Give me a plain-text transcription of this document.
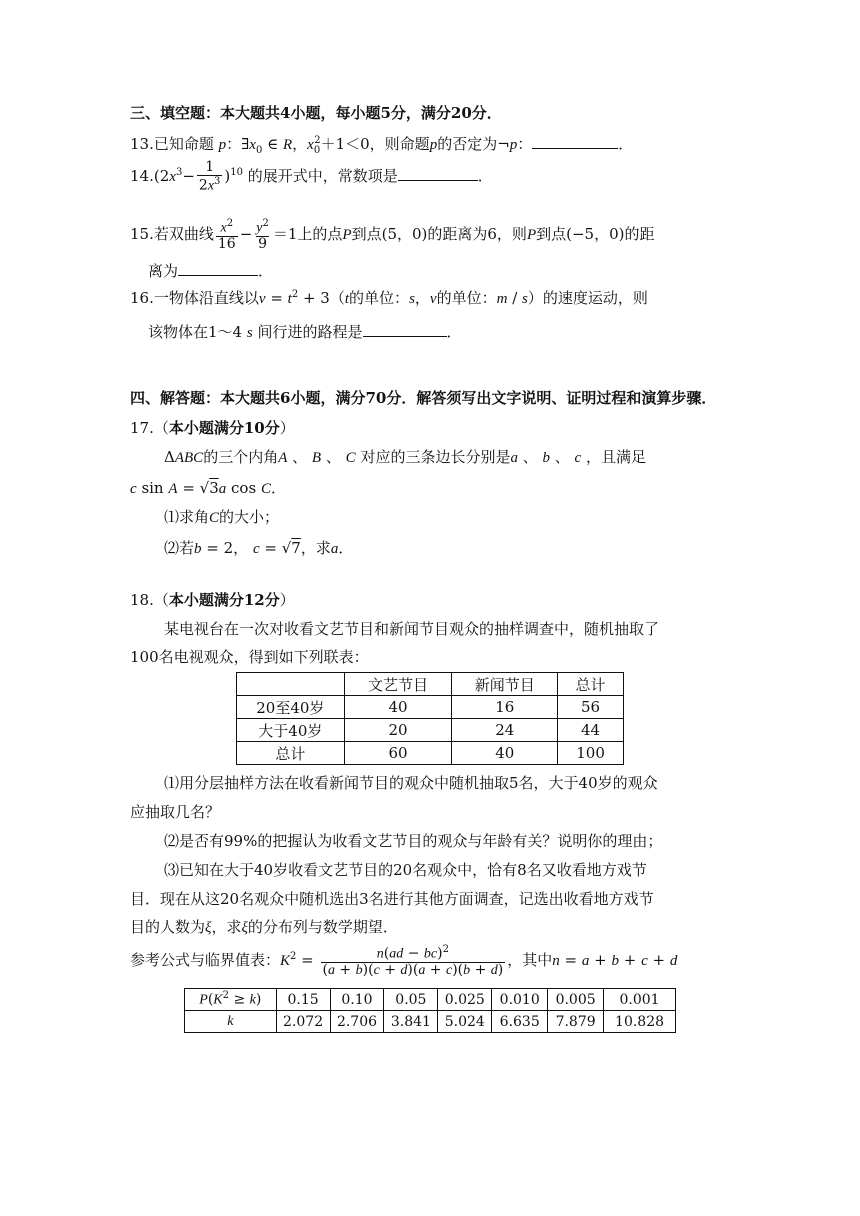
三、填空题：本大题共4小题，每小题5分，满分20分．
13.已知命题 p：$\exists x_0$ ∈ R，$x_0^2+1<0$，则命题p的否定为¬p：	．
$14.(2x^3- \frac{1}{2x^3} )^{10}$ 的展开式中，常数项是	．
15.若双曲线 $\frac{x^2}{16} - \frac{y^2}{9} =1$上的点P到点(5，0)的距离为6，则P到点(−5，0)的距
离为	．
16.一物体沿直线以$v = t^2 + 3(t$的单位：s，v的单位：m / s）的速度运动，则
该物体在1～4 s 间行进的路程是	．
四、解答题：本大题共6小题，满分70分．解答须写出文字说明、证明过程和演算步骤．
17.（本小题满分10分）
ΔABC的三个内角A 、 B 、 C 对应的三条边长分别是a 、 b 、 c ，且满足
c sin A = √3a cos C．
⑴求角C的大小；
⑵若b = 2， c = √7，求a．
18.（本小题满分12分）
某电视台在一次对收看文艺节目和新闻节目观众的抽样调查中，随机抽取了
100名电视观众，得到如下列联表：
	文艺节目	新闻节目	总计
20至40岁	40	16	56
大于40岁	20	24	44
总计	60	40	100
⑴用分层抽样方法在收看新闻节目的观众中随机抽取5名，大于40岁的观众
应抽取几名？
⑵是否有99%的把握认为收看文艺节目的观众与年龄有关？说明你的理由；
⑶已知在大于40岁收看文艺节目的20名观众中，恰有8名又收看地方戏节
目．现在从这20名观众中随机选出3名进行其他方面调查，记选出收看地方戏节
目的人数为ξ，求ξ的分布列与数学期望．
参考公式与临界值表：$K^2 = \frac{n(ad - bc)^2}{(a + b)(c + d)(a + c)(b + d)}$ ，其中n = a + b + c + d
$P(K^2 \ge k)$	0.15	0.10	0.05	0.025	0.010	0.005	0.001
k	2.072	2.706	3.841	5.024	6.635	7.879	10.828
